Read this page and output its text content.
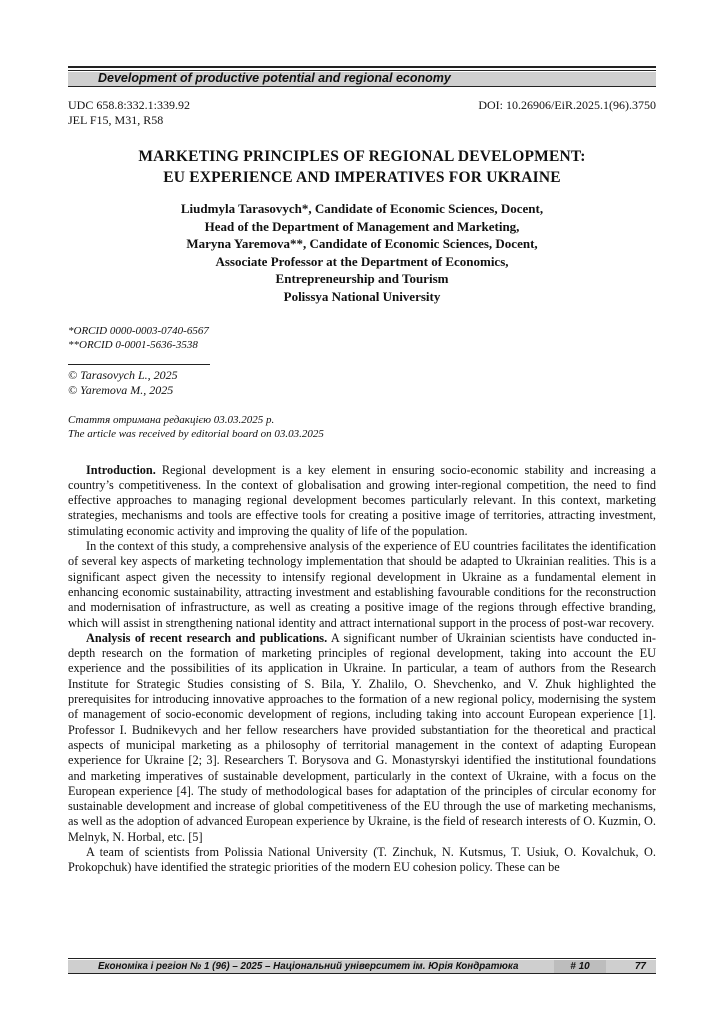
Development of productive potential and regional economy
UDC 658.8:332.1:339.92
JEL F15, M31, R58
DOI: 10.26906/EiR.2025.1(96).3750
MARKETING PRINCIPLES OF REGIONAL DEVELOPMENT:
EU EXPERIENCE AND IMPERATIVES FOR UKRAINE
Liudmyla Tarasovych*, Candidate of Economic Sciences, Docent,
Head of the Department of Management and Marketing,
Maryna Yaremova**, Candidate of Economic Sciences, Docent,
Associate Professor at the Department of Economics,
Entrepreneurship and Tourism
Polissya National University
*ORCID 0000-0003-0740-6567
**ORCID 0-0001-5636-3538
© Tarasovych L., 2025
© Yaremova M., 2025
Стаття отримана редакцією 03.03.2025 р.
The article was received by editorial board on 03.03.2025

Introduction. Regional development is a key element in ensuring socio-economic stability and increasing a country’s competitiveness. In the context of globalisation and growing inter-regional competition, the need to find effective approaches to managing regional development becomes particularly relevant. In this context, marketing strategies, mechanisms and tools are effective tools for creating a positive image of territories, attracting investment, stimulating economic activity and improving the quality of life of the population.

In the context of this study, a comprehensive analysis of the experience of EU countries facilitates the identification of several key aspects of marketing technology implementation that should be adapted to Ukrainian realities. This is a significant aspect given the necessity to intensify regional development in Ukraine as a fundamental element in enhancing economic sustainability, attracting investment and establishing favourable conditions for the reconstruction and modernisation of infrastructure, as well as creating a positive image of the regions through effective branding, which will assist in strengthening national identity and attract international support in the process of post-war recovery.

Analysis of recent research and publications. A significant number of Ukrainian scientists have conducted in-depth research on the formation of marketing principles of regional development, taking into account the EU experience and the possibilities of its application in Ukraine. In particular, a team of authors from the Research Institute for Strategic Studies consisting of S. Bila, Y. Zhalilo, O. Shevchenko, and V. Zhuk highlighted the prerequisites for introducing innovative approaches to the formation of a new regional policy, modernising the system of management of socio-economic development of regions, including taking into account European experience [1]. Professor I. Budnikevych and her fellow researchers have provided substantiation for the theoretical and practical aspects of municipal marketing as a philosophy of territorial management in the context of adapting European experience for Ukraine [2; 3]. Researchers T. Borysova and G. Monastyrskyi identified the institutional foundations and marketing imperatives of sustainable development, particularly in the context of Ukraine, with a focus on the European experience [4]. The study of methodological bases for adaptation of the principles of circular economy for sustainable development and increase of global competitiveness of the EU through the use of marketing mechanisms, as well as the adoption of advanced European experience by Ukraine, is the field of research interests of O. Kuzmin, O. Melnyk, N. Horbal, etc. [5]

A team of scientists from Polissia National University (T. Zinchuk, N. Kutsmus, T. Usiuk, O. Kovalchuk, O. Prokopchuk) have identified the strategic priorities of the modern EU cohesion policy. These can be

Економіка і регіон № 1 (96) – 2025 – Національний університет ім. Юрія Кондратюка	# 10	77
